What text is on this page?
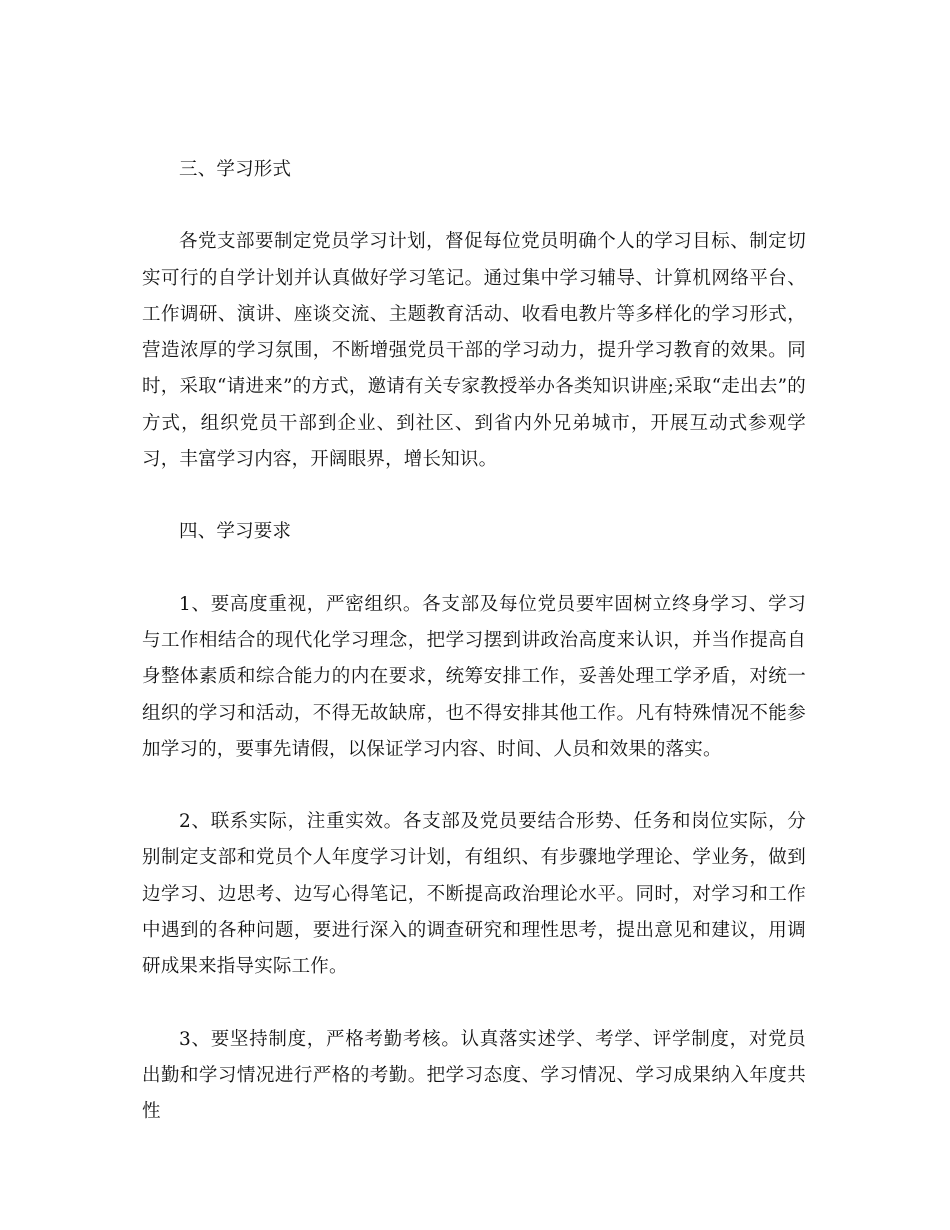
三、学习形式

各党支部要制定党员学习计划，督促每位党员明确个人的学习目标、制定切实可行的自学计划并认真做好学习笔记。通过集中学习辅导、计算机网络平台、工作调研、演讲、座谈交流、主题教育活动、收看电教片等多样化的学习形式，营造浓厚的学习氛围，不断增强党员干部的学习动力，提升学习教育的效果。同时，采取“请进来”的方式，邀请有关专家教授举办各类知识讲座;采取“走出去”的方式，组织党员干部到企业、到社区、到省内外兄弟城市，开展互动式参观学习，丰富学习内容，开阔眼界，增长知识。

四、学习要求

1、要高度重视，严密组织。各支部及每位党员要牢固树立终身学习、学习与工作相结合的现代化学习理念，把学习摆到讲政治高度来认识，并当作提高自身整体素质和综合能力的内在要求，统筹安排工作，妥善处理工学矛盾，对统一组织的学习和活动，不得无故缺席，也不得安排其他工作。凡有特殊情况不能参加学习的，要事先请假，以保证学习内容、时间、人员和效果的落实。

2、联系实际，注重实效。各支部及党员要结合形势、任务和岗位实际，分别制定支部和党员个人年度学习计划，有组织、有步骤地学理论、学业务，做到边学习、边思考、边写心得笔记，不断提高政治理论水平。同时，对学习和工作中遇到的各种问题，要进行深入的调查研究和理性思考，提出意见和建议，用调研成果来指导实际工作。

3、要坚持制度，严格考勤考核。认真落实述学、考学、评学制度，对党员出勤和学习情况进行严格的考勤。把学习态度、学习情况、学习成果纳入年度共性
